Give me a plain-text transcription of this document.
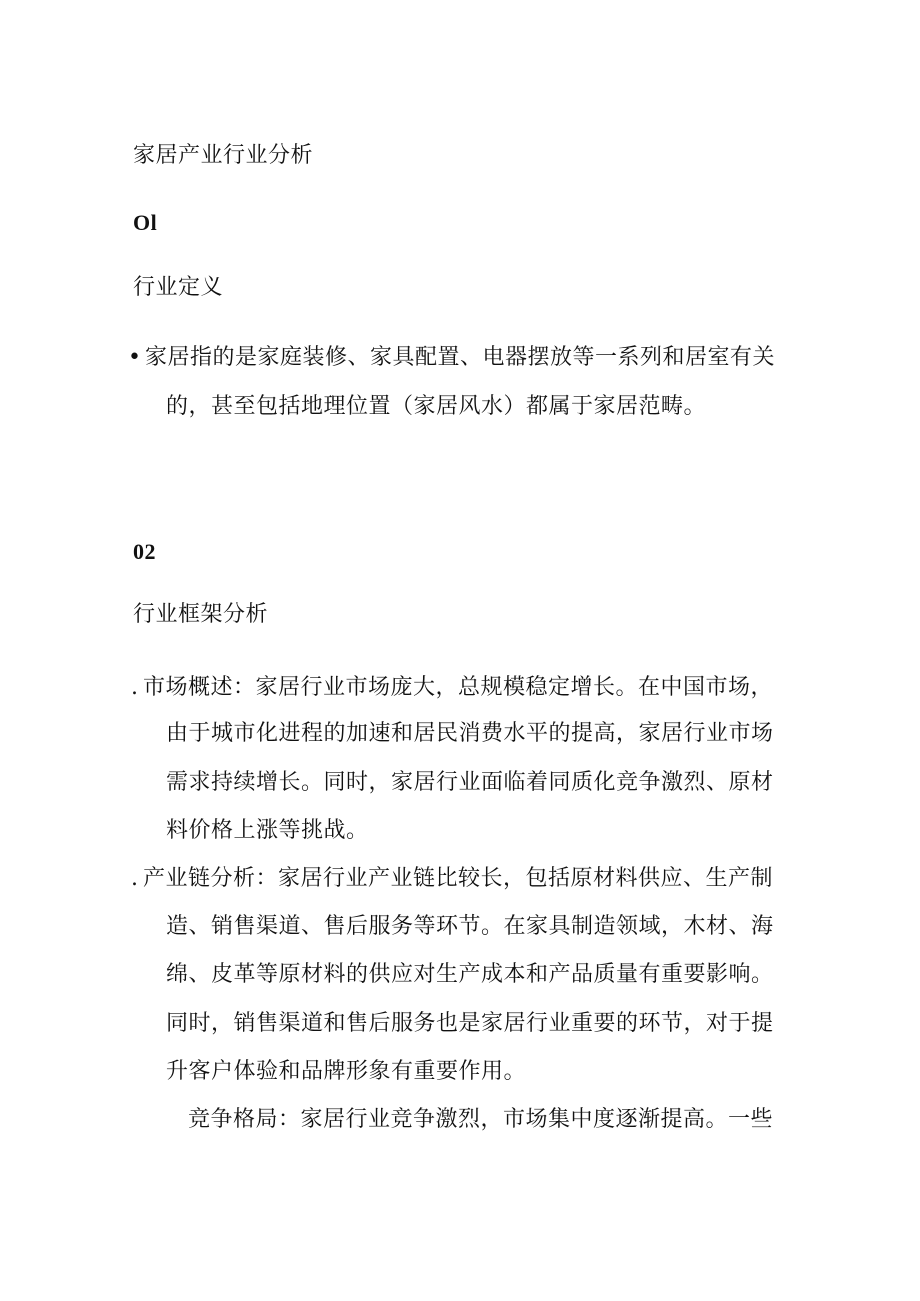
家居产业行业分析
Ol
行业定义
• 家居指的是家庭装修、家具配置、电器摆放等一系列和居室有关
的，甚至包括地理位置（家居风水）都属于家居范畴。
02
行业框架分析
. 市场概述：家居行业市场庞大，总规模稳定增长。在中国市场，
由于城市化进程的加速和居民消费水平的提高，家居行业市场
需求持续增长。同时，家居行业面临着同质化竞争激烈、原材
料价格上涨等挑战。
. 产业链分析：家居行业产业链比较长，包括原材料供应、生产制
造、销售渠道、售后服务等环节。在家具制造领域，木材、海
绵、皮革等原材料的供应对生产成本和产品质量有重要影响。
同时，销售渠道和售后服务也是家居行业重要的环节，对于提
升客户体验和品牌形象有重要作用。
竞争格局：家居行业竞争激烈，市场集中度逐渐提高。一些
